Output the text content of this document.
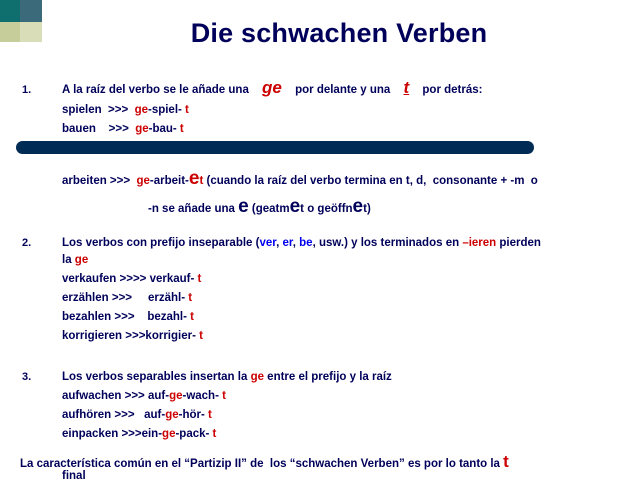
Die schwachen Verben
1.	A la raíz del verbo se le añade una ge por delante y una t por detrás:
spielen  >>>  ge-spiel- t
bauen    >>>  ge-bau- t
arbeiten >>>  ge-arbeit-et (cuando la raíz del verbo termina en t, d,  consonante + -m  o
-n se añade una e (geatmet o geöffnet)
2.	Los verbos con prefijo inseparable (ver, er, be, usw.) y los terminados en –ieren pierden
la ge
verkaufen >>>> verkauf- t
erzählen >>>     erzähl- t
bezahlen >>>    bezahl- t
korrigieren >>>korrigier- t
3.	Los verbos separables insertan la ge entre el prefijo y la raíz
aufwachen >>> auf-ge-wach- t
aufhören >>>   auf-ge-hör- t
einpacken >>>ein-ge-pack- t
La característica común en el “Partizip II” de  los “schwachen Verben” es por lo tanto la t
final
